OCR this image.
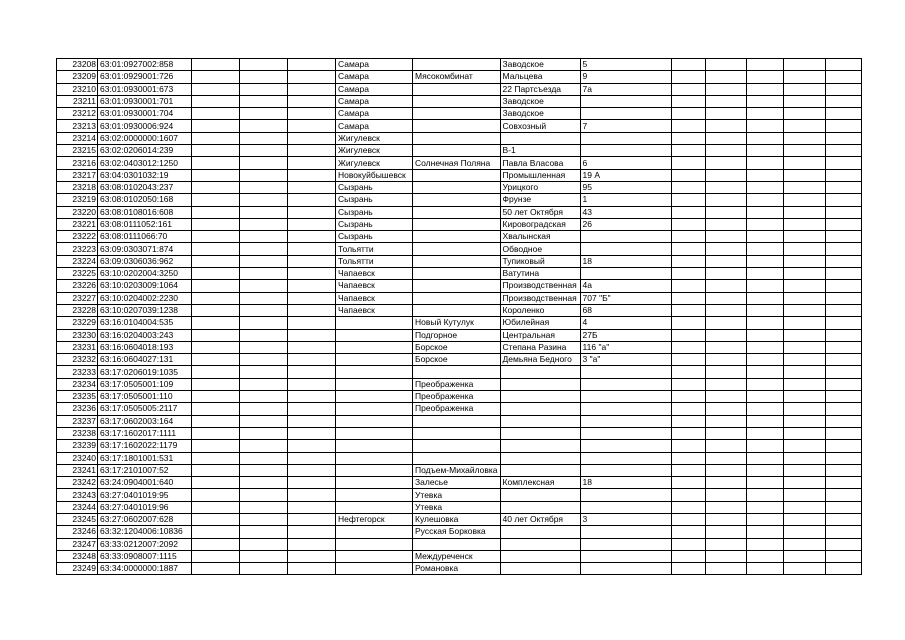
23208	63:01:0927002:858				Самара		Заводское	5					
23209	63:01:0929001:726				Самара	Мясокомбинат	Мальцева	9					
23210	63:01:0930001:673				Самара		22 Партсъезда	7а					
23211	63:01:0930001:701				Самара		Заводское						
23212	63:01:0930001:704				Самара		Заводское						
23213	63:01:0930006:924				Самара		Совхозный	7					
23214	63:02:0000000:1607				Жигулевск								
23215	63:02:0206014:239				Жигулевск		В-1						
23216	63:02:0403012:1250				Жигулевск	Солнечная Поляна	Павла Власова	6					
23217	63:04:0301032:19				Новокуйбышевск		Промышленная	19 А					
23218	63:08:0102043:237				Сызрань		Урицкого	95					
23219	63:08:0102050:168				Сызрань		Фрунзе	1					
23220	63:08:0108016:608				Сызрань		50 лет Октября	43					
23221	63:08:0111052:161				Сызрань		Кировоградская	26					
23222	63:08:0111066:70				Сызрань		Хвалынская						
23223	63:09:0303071:874				Тольятти		Обводное						
23224	63:09:0306036:962				Тольятти		Тупиковый	18					
23225	63:10:0202004:3250				Чапаевск		Ватутина						
23226	63:10:0203009:1064				Чапаевск		Производственная	4а					
23227	63:10:0204002:2230				Чапаевск		Производственная	707 "Б"					
23228	63:10:0207039:1238				Чапаевск		Короленко	68					
23229	63:16:0104004:535					Новый Кутулук	Юбилейная	4					
23230	63:16:0204003:243					Подгорное	Центральная	27Б					
23231	63:16:0604018:193					Борское	Степана Разина	116 "а"					
23232	63:16:0604027:131					Борское	Демьяна Бедного	3 "а"					
23233	63:17:0206019:1035												
23234	63:17:0505001:109					Преображенка							
23235	63:17:0505001:110					Преображенка							
23236	63:17:0505005:2117					Преображенка							
23237	63:17:0602003:164												
23238	63:17:1602017:1111												
23239	63:17:1602022:1179												
23240	63:17:1801001:531												
23241	63:17:2101007:52					Подъем-Михайловка							
23242	63:24:0904001:640					Залесье	Комплексная	18					
23243	63:27:0401019:95					Утевка							
23244	63:27:0401019:96					Утевка							
23245	63:27:0602007:628				Нефтегорск	Кулешовка	40 лет Октября	3					
23246	63:32:1204006:10836					Русская Борковка							
23247	63:33:0212007:2092												
23248	63:33:0908007:1115					Междуреченск							
23249	63:34:0000000:1887					Романовка							
